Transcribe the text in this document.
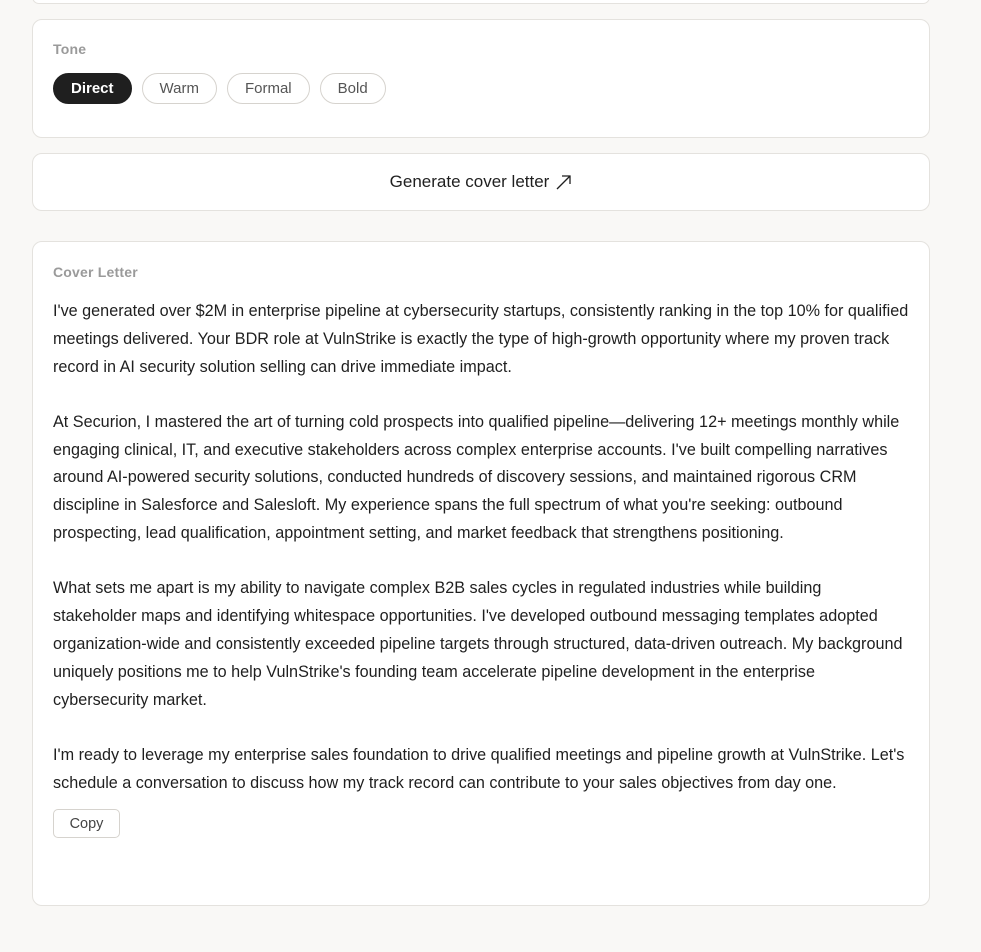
Tone
Direct	Warm	Formal	Bold
Generate cover letter
Cover Letter

I've generated over $2M in enterprise pipeline at cybersecurity startups, consistently ranking in the top 10% for qualified meetings delivered. Your BDR role at VulnStrike is exactly the type of high-growth opportunity where my proven track record in AI security solution selling can drive immediate impact.

At Securion, I mastered the art of turning cold prospects into qualified pipeline—delivering 12+ meetings monthly while engaging clinical, IT, and executive stakeholders across complex enterprise accounts. I've built compelling narratives around AI-powered security solutions, conducted hundreds of discovery sessions, and maintained rigorous CRM discipline in Salesforce and Salesloft. My experience spans the full spectrum of what you're seeking: outbound prospecting, lead qualification, appointment setting, and market feedback that strengthens positioning.

What sets me apart is my ability to navigate complex B2B sales cycles in regulated industries while building stakeholder maps and identifying whitespace opportunities. I've developed outbound messaging templates adopted organization-wide and consistently exceeded pipeline targets through structured, data-driven outreach. My background uniquely positions me to help VulnStrike's founding team accelerate pipeline development in the enterprise cybersecurity market.

I'm ready to leverage my enterprise sales foundation to drive qualified meetings and pipeline growth at VulnStrike. Let's schedule a conversation to discuss how my track record can contribute to your sales objectives from day one.

Copy
